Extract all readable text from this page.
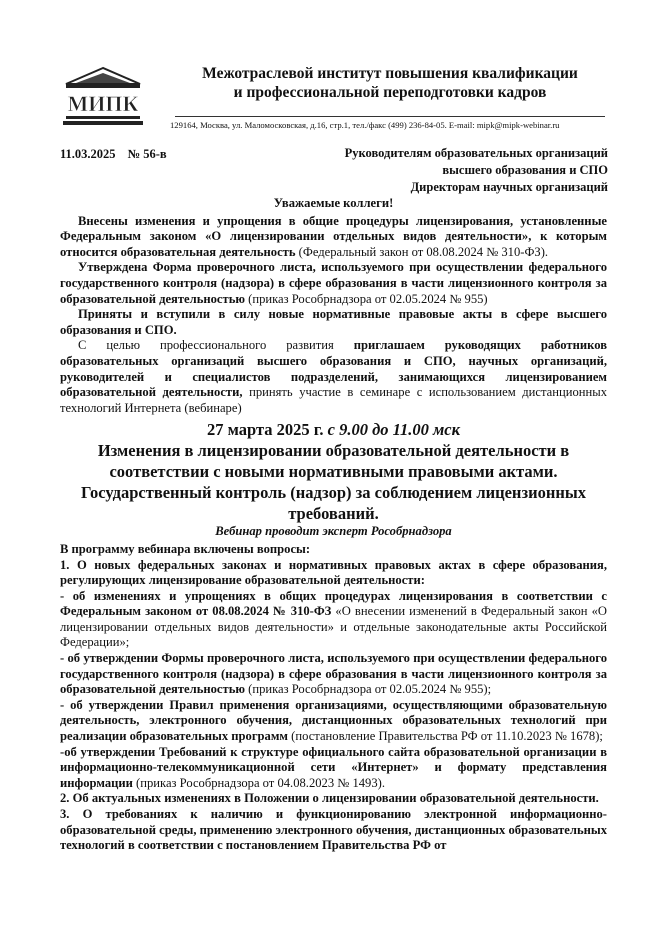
МИПК
Межотраслевой институт повышения квалификации
и профессиональной переподготовки кадров
129164, Москва, ул. Маломосковская, д.16, стр.1, тел./факс (499) 236-84-05. E-mail: mipk@mipk-webinar.ru
11.03.2025 № 56-в	Руководителям образовательных организаций
высшего образования и СПО
Директорам научных организаций

Уважаемые коллеги!

Внесены изменения и упрощения в общие процедуры лицензирования, установленные Федеральным законом «О лицензировании отдельных видов деятельности», к которым относится образовательная деятельность (Федеральный закон от 08.08.2024 № 310-ФЗ).

Утверждена Форма проверочного листа, используемого при осуществлении федерального государственного контроля (надзора) в сфере образования в части лицензионного контроля за образовательной деятельностью (приказ Рособрнадзора от 02.05.2024 № 955)

Приняты и вступили в силу новые нормативные правовые акты в сфере высшего образования и СПО.

С целью профессионального развития приглашаем руководящих работников образовательных организаций высшего образования и СПО, научных организаций, руководителей и специалистов подразделений, занимающихся лицензированием образовательной деятельности, принять участие в семинаре с использованием дистанционных технологий Интернета (вебинаре)

27 марта 2025 г. с 9.00 до 11.00 мск

Изменения в лицензировании образовательной деятельности в соответствии с новыми нормативными правовыми актами. Государственный контроль (надзор) за соблюдением лицензионных требований.

Вебинар проводит эксперт Рособрнадзора

В программу вебинара включены вопросы:

1. О новых федеральных законах и нормативных правовых актах в сфере образования, регулирующих лицензирование образовательной деятельности:

- об изменениях и упрощениях в общих процедурах лицензирования в соответствии с Федеральным законом от 08.08.2024 № 310-ФЗ «О внесении изменений в Федеральный закон «О лицензировании отдельных видов деятельности» и отдельные законодательные акты Российской Федерации»;

- об утверждении Формы проверочного листа, используемого при осуществлении федерального государственного контроля (надзора) в сфере образования в части лицензионного контроля за образовательной деятельностью (приказ Рособрнадзора от 02.05.2024 № 955);

- об утверждении Правил применения организациями, осуществляющими образовательную деятельность, электронного обучения, дистанционных образовательных технологий при реализации образовательных программ (постановление Правительства РФ от 11.10.2023 № 1678);

-об утверждении Требований к структуре официального сайта образовательной организации в информационно-телекоммуникационной сети «Интернет» и формату представления информации (приказ Рособрнадзора от 04.08.2023 № 1493).

2. Об актуальных изменениях в Положении о лицензировании образовательной деятельности.

3. О требованиях к наличию и функционированию электронной информационно-образовательной среды, применению электронного обучения, дистанционных образовательных технологий в соответствии с постановлением Правительства РФ от
